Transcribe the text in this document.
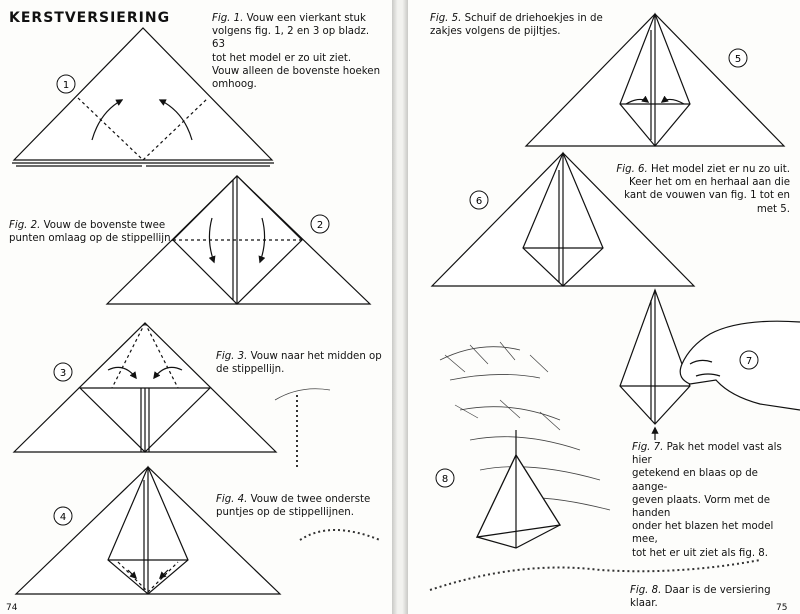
1
2
3
4
5
6
7
8
KERSTVERSIERING	Fig. 1. Vouw een vierkant stuk
volgens fig. 1, 2 en 3 op bladz. 63
tot het model er zo uit ziet.
Vouw alleen de bovenste hoeken
omhoog.
Fig. 2. Vouw de bovenste twee
punten omlaag op de stippellijn.
Fig. 3. Vouw naar het midden op
de stippellijn.
Fig. 4. Vouw de twee onderste
puntjes op de stippellijnen.
Fig. 5. Schuif de driehoekjes in de
zakjes volgens de pijltjes.
Fig. 6. Het model ziet er nu zo uit.
Keer het om en herhaal aan die
kant de vouwen van fig. 1 tot en
met 5.
Fig. 7. Pak het model vast als hier
getekend en blaas op de aange-
geven plaats. Vorm met de handen
onder het blazen het model mee,
tot het er uit ziet als fig. 8.
Fig. 8. Daar is de versiering klaar.
74	75
